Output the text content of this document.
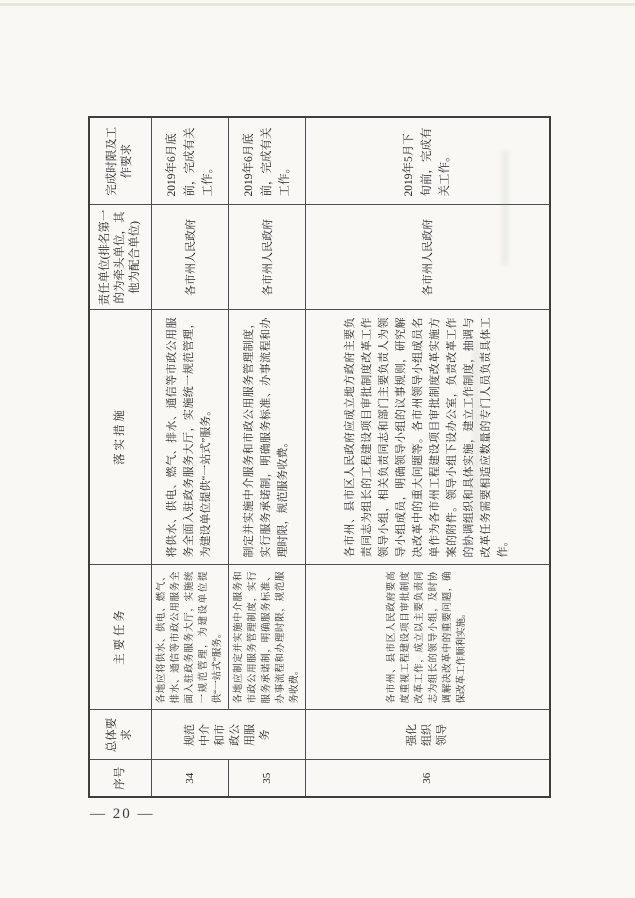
序号	总体要求	主 要 任 务	落 实 措 施	责任单位(排名第一的为牵头单位，其他为配合单位)	完成时限及工作要求
34	规范中介和市政公用服务	各地应将供水、供电、燃气、排水、通信等市政公用服务全面入驻政务服务大厅，实施统一规范管理，为建设单位提供“一站式”服务。	将供水、供电、燃气、排水、通信等市政公用服务全面入驻政务服务大厅，实施统一规范管理，为建设单位提供“一站式”服务。	各市州人民政府	2019年6月底前，完成有关工作。
35		各地应制定并实施中介服务和市政公用服务管理制度，实行服务承诺制，明确服务标准、办事流程和办理时限，规范服务收费。	制定并实施中介服务和市政公用服务管理制度，实行服务承诺制，明确服务标准、办事流程和办理时限，规范服务收费。	各市州人民政府	2019年6月底前，完成有关工作。
36	强化组织领导	各市州、县市区人民政府要高度重视工程建设项目审批制度改革工作，成立以主要负责同志为组长的领导小组，及时协调解决改革中的重要问题，确保改革工作顺利实施。	各市州、县市区人民政府应成立地方政府主要负责同志为组长的工程建设项目审批制度改革工作领导小组，相关负责同志和部门主要负责人为领导小组成员，明确领导小组的议事规则，研究解决改革中的重大问题等。各市州领导小组成员名单作为各市州工程建设项目审批制度改革实施方案的附件。领导小组下设办公室，负责改革工作的协调组织和具体实施，建立工作制度，抽调与改革任务需要相适应数量的专门人员负责具体工作。	各市州人民政府	2019年5月下旬前，完成有关工作。
— 20 —
